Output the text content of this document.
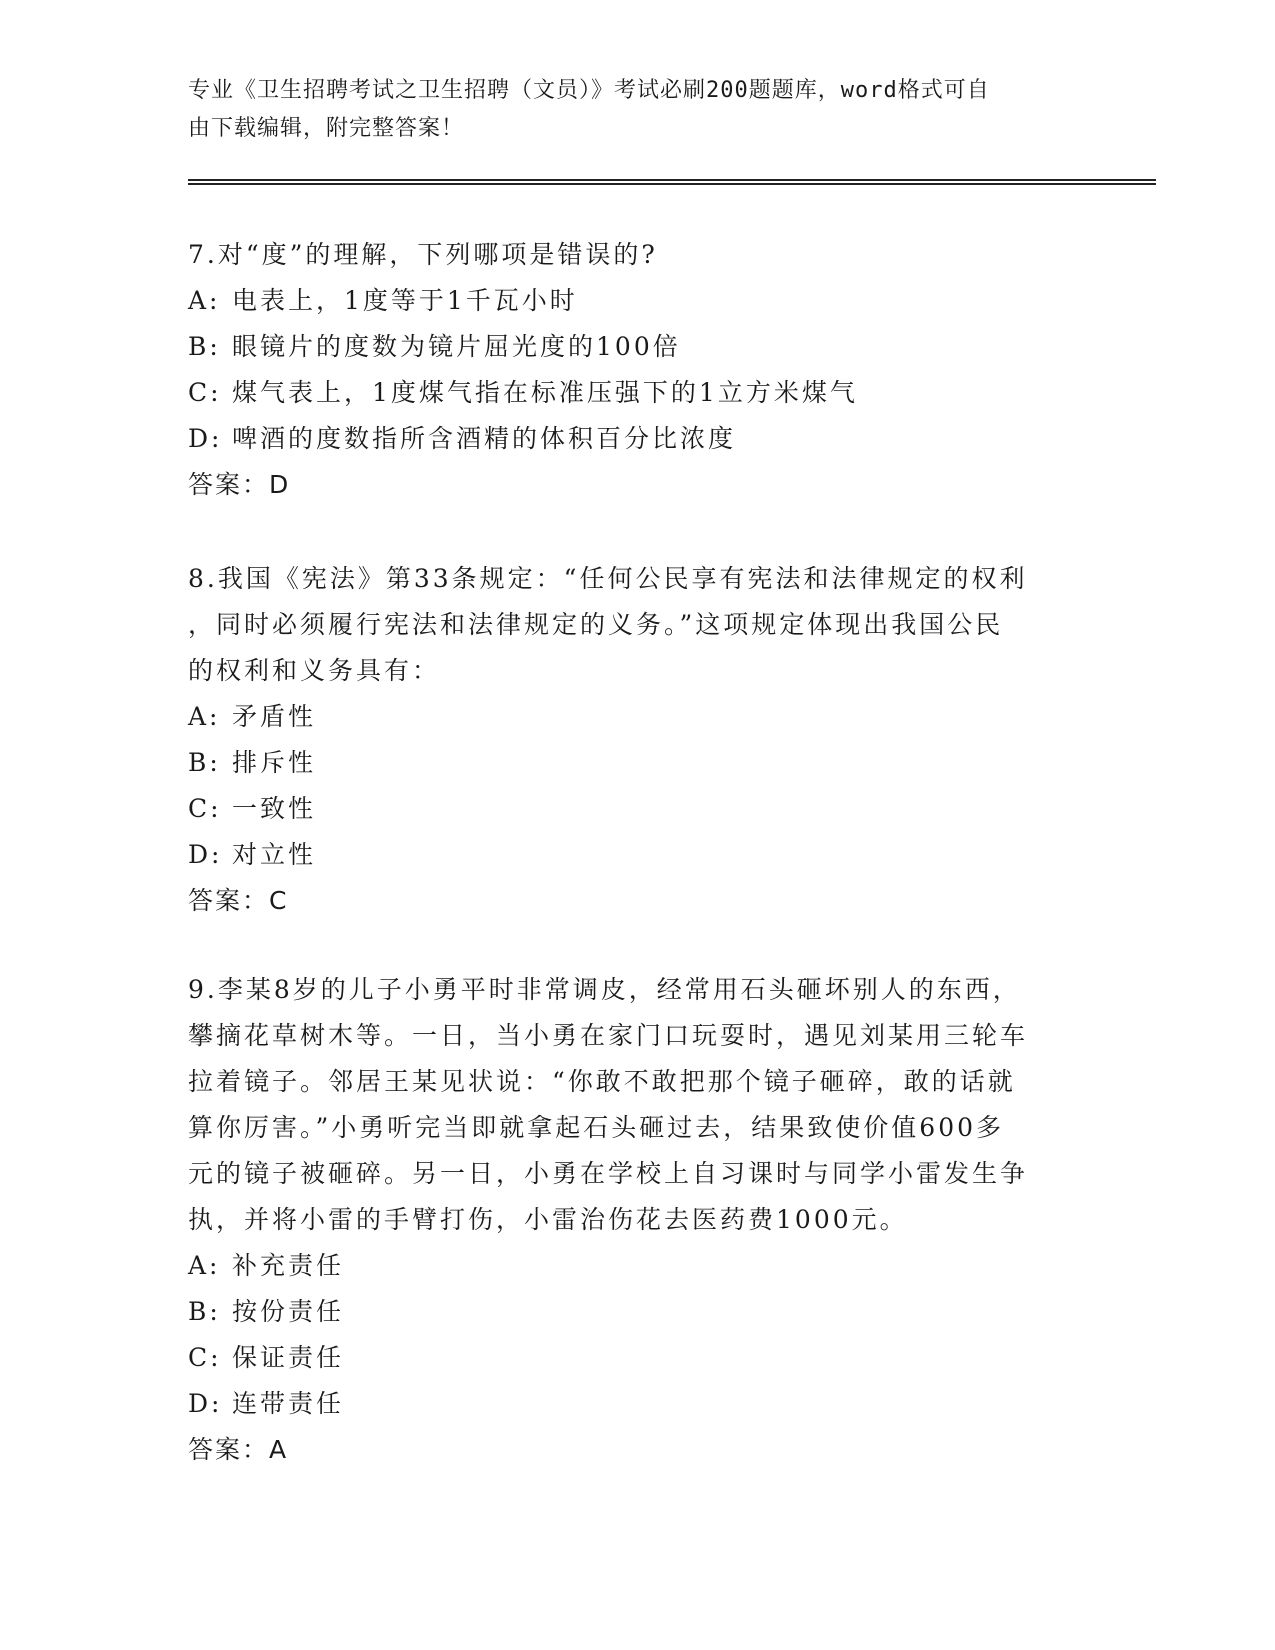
专业《卫生招聘考试之卫生招聘（文员）》考试必刷200题题库，word格式可自
由下载编辑，附完整答案！

7.对“度”的理解，下列哪项是错误的?

A: 电表上，1度等于1千瓦小时

B: 眼镜片的度数为镜片屈光度的100倍

C: 煤气表上，1度煤气指在标准压强下的1立方米煤气

D: 啤酒的度数指所含酒精的体积百分比浓度

答案：D

8.我国《宪法》第33条规定：“任何公民享有宪法和法律规定的权利

，同时必须履行宪法和法律规定的义务。”这项规定体现出我国公民

的权利和义务具有：

A: 矛盾性

B: 排斥性

C: 一致性

D: 对立性

答案：C

9.李某8岁的儿子小勇平时非常调皮，经常用石头砸坏别人的东西，

攀摘花草树木等。一日，当小勇在家门口玩耍时，遇见刘某用三轮车

拉着镜子。邻居王某见状说：“你敢不敢把那个镜子砸碎，敢的话就

算你厉害。”小勇听完当即就拿起石头砸过去，结果致使价值600多

元的镜子被砸碎。另一日，小勇在学校上自习课时与同学小雷发生争

执，并将小雷的手臂打伤，小雷治伤花去医药费1000元。

A: 补充责任

B: 按份责任

C: 保证责任

D: 连带责任

答案：A
